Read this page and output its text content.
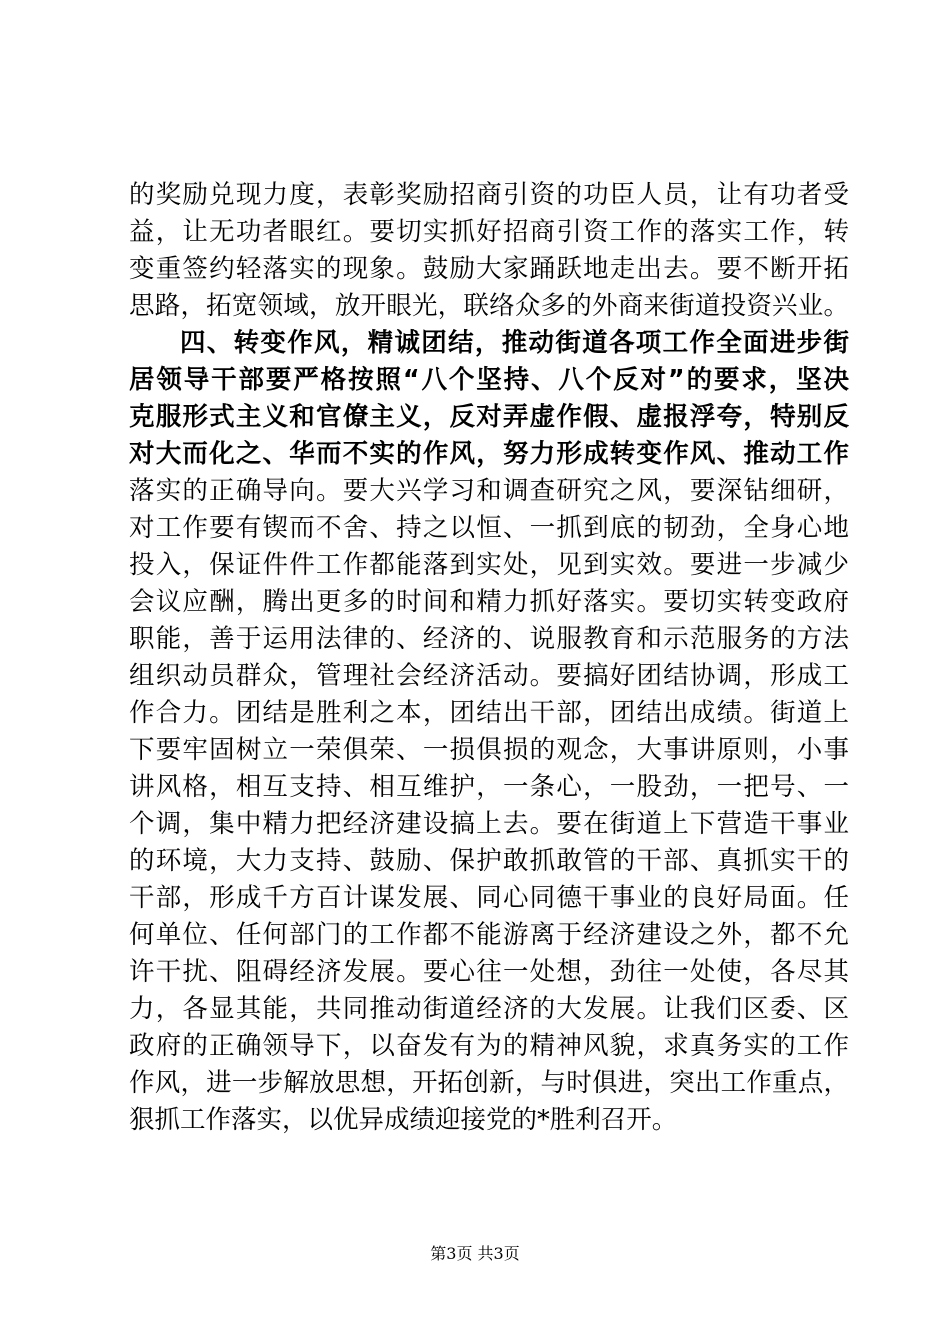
的奖励兑现力度，表彰奖励招商引资的功臣人员，让有功者受
益，让无功者眼红。要切实抓好招商引资工作的落实工作，转
变重签约轻落实的现象。鼓励大家踊跃地走出去。要不断开拓
思路，拓宽领域，放开眼光，联络众多的外商来街道投资兴业。
四、转变作风，精诚团结，推动街道各项工作全面进步街
居领导干部要严格按照“八个坚持、八个反对”的要求，坚决
克服形式主义和官僚主义，反对弄虚作假、虚报浮夸，特别反
对大而化之、华而不实的作风，努力形成转变作风、推动工作
落实的正确导向。要大兴学习和调查研究之风，要深钻细研，
对工作要有锲而不舍、持之以恒、一抓到底的韧劲，全身心地
投入，保证件件工作都能落到实处，见到实效。要进一步减少
会议应酬，腾出更多的时间和精力抓好落实。要切实转变政府
职能，善于运用法律的、经济的、说服教育和示范服务的方法
组织动员群众，管理社会经济活动。要搞好团结协调，形成工
作合力。团结是胜利之本，团结出干部，团结出成绩。街道上
下要牢固树立一荣俱荣、一损俱损的观念，大事讲原则，小事
讲风格，相互支持、相互维护，一条心，一股劲，一把号、一
个调，集中精力把经济建设搞上去。要在街道上下营造干事业
的环境，大力支持、鼓励、保护敢抓敢管的干部、真抓实干的
干部，形成千方百计谋发展、同心同德干事业的良好局面。任
何单位、任何部门的工作都不能游离于经济建设之外，都不允
许干扰、阻碍经济发展。要心往一处想，劲往一处使，各尽其
力，各显其能，共同推动街道经济的大发展。让我们区委、区
政府的正确领导下，以奋发有为的精神风貌，求真务实的工作
作风，进一步解放思想，开拓创新，与时俱进，突出工作重点，
狠抓工作落实，以优异成绩迎接党的*胜利召开。
第3页 共3页
